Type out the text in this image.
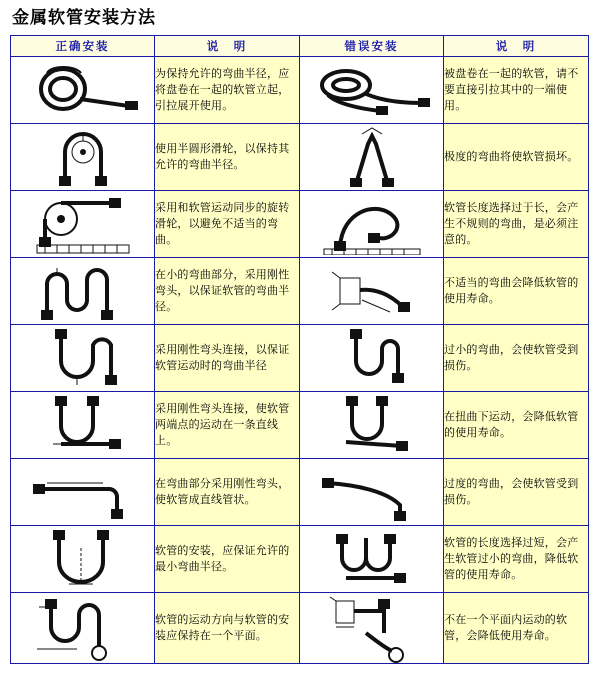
金属软管安装方法
正确安装	说　明	错误安装	说　明

	为保持允许的弯曲半径，应将盘卷在一起的软管立起，引拉展开使用。		被盘卷在一起的软管，请不要直接引拉其中的一端使用。

	使用半圆形滑轮，以保持其允许的弯曲半径。		极度的弯曲将使软管损坏。

	采用和软管运动同步的旋转滑轮，以避免不适当的弯曲。		软管长度选择过于长，会产生不规则的弯曲，是必须注意的。

	在小的弯曲部分，采用刚性弯头，以保证软管的弯曲半径。		不适当的弯曲会降低软管的使用寿命。

	采用刚性弯头连接，以保证软管运动时的弯曲半径		过小的弯曲，会使软管受到损伤。

	采用刚性弯头连接，使软管两端点的运动在一条直线上。		在扭曲下运动，会降低软管的使用寿命。

	在弯曲部分采用刚性弯头，使软管成直线管状。		过度的弯曲，会使软管受到损伤。

	软管的安装，应保证允许的最小弯曲半径。		软管的长度选择过短，会产生软管过小的弯曲，降低软管的使用寿命。

	软管的运动方向与软管的安装应保持在一个平面。		不在一个平面内运动的软管，会降低使用寿命。
